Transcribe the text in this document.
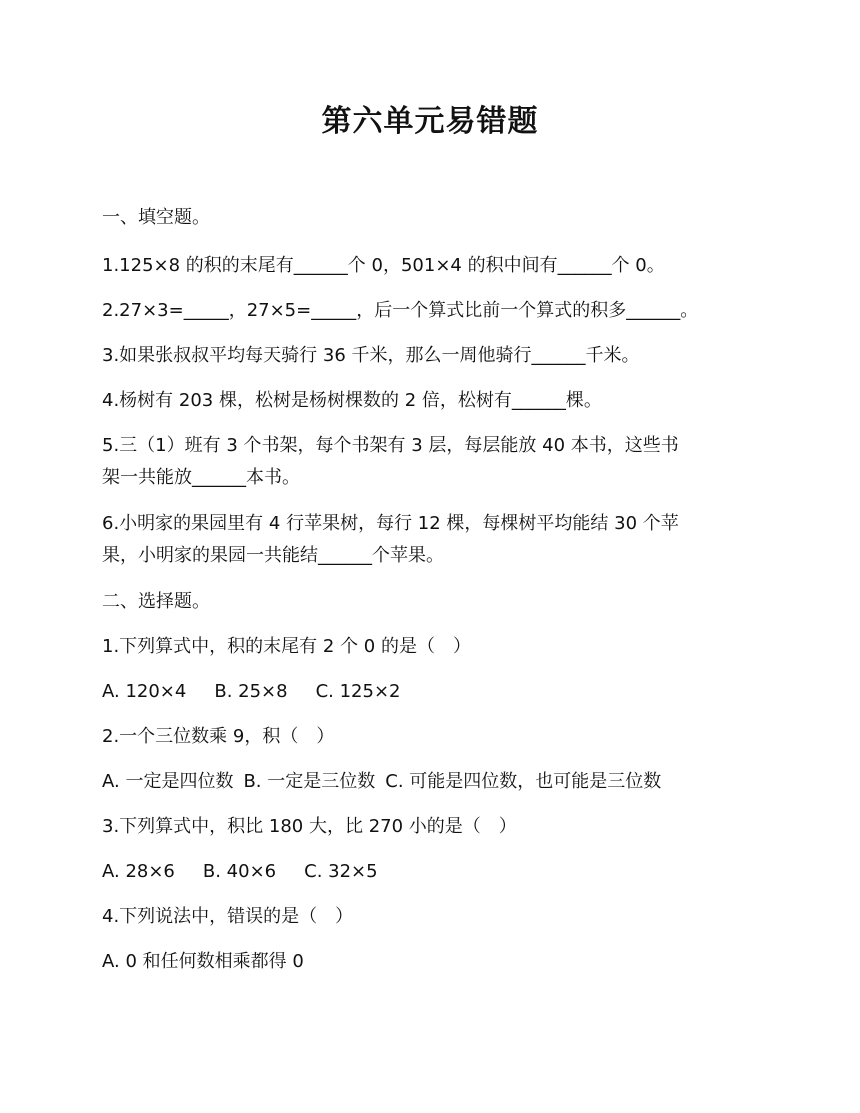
第六单元易错题
一、填空题。
1.125×8 的积的末尾有______个 0，501×4 的积中间有______个 0。
2.27×3=_____，27×5=_____，后一个算式比前一个算式的积多______。
3.如果张叔叔平均每天骑行 36 千米，那么一周他骑行______千米。
4.杨树有 203 棵，松树是杨树棵数的 2 倍，松树有______棵。
5.三（1）班有 3 个书架，每个书架有 3 层，每层能放 40 本书，这些书
架一共能放______本书。
6.小明家的果园里有 4 行苹果树，每行 12 棵，每棵树平均能结 30 个苹
果，小明家的果园一共能结______个苹果。
二、选择题。
1.下列算式中，积的末尾有 2 个 0 的是（　）
A. 120×4 B. 25×8 C. 125×2
2.一个三位数乘 9，积（　）
A. 一定是四位数 B. 一定是三位数 C. 可能是四位数，也可能是三位数
3.下列算式中，积比 180 大，比 270 小的是（　）
A. 28×6 B. 40×6 C. 32×5
4.下列说法中，错误的是（　）
A. 0 和任何数相乘都得 0
